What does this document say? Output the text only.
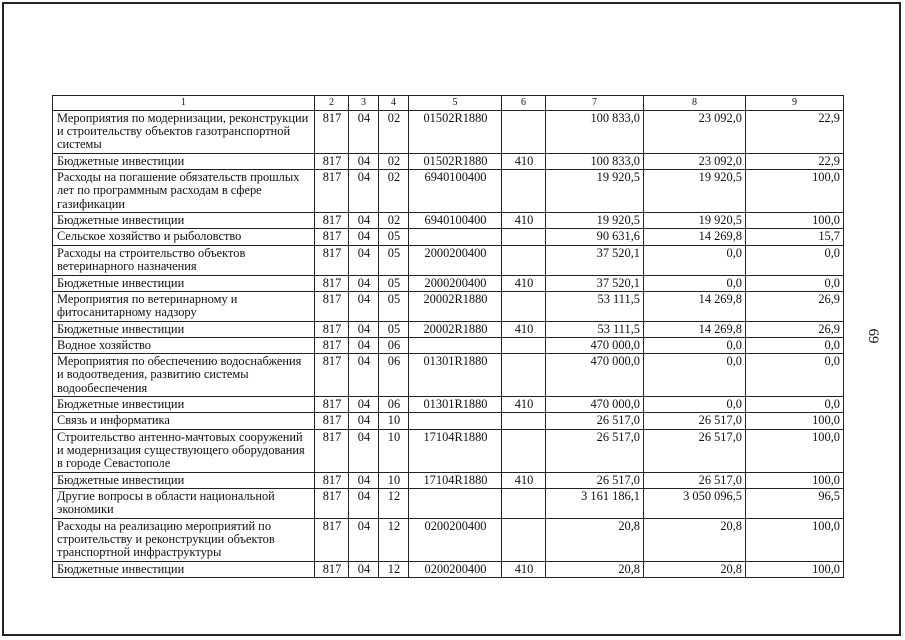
1	2	3	4	5	6	7	8	9
Мероприятия по модернизации, реконструкции и строительству объектов газотранспортной системы	817	04	02	01502R1880		100 833,0	23 092,0	22,9
Бюджетные инвестиции	817	04	02	01502R1880	410	100 833,0	23 092,0	22,9
Расходы на погашение обязательств прошлых лет по программным расходам в сфере газификации	817	04	02	6940100400		19 920,5	19 920,5	100,0
Бюджетные инвестиции	817	04	02	6940100400	410	19 920,5	19 920,5	100,0
Сельское хозяйство и рыболовство	817	04	05			90 631,6	14 269,8	15,7
Расходы на строительство объектов ветеринарного назначения	817	04	05	2000200400		37 520,1	0,0	0,0
Бюджетные инвестиции	817	04	05	2000200400	410	37 520,1	0,0	0,0
Мероприятия по ветеринарному и фитосанитарному надзору	817	04	05	20002R1880		53 111,5	14 269,8	26,9
Бюджетные инвестиции	817	04	05	20002R1880	410	53 111,5	14 269,8	26,9
Водное хозяйство	817	04	06			470 000,0	0,0	0,0
Мероприятия по обеспечению водоснабжения и водоотведения, развитию системы водообеспечения	817	04	06	01301R1880		470 000,0	0,0	0,0
Бюджетные инвестиции	817	04	06	01301R1880	410	470 000,0	0,0	0,0
Связь и информатика	817	04	10			26 517,0	26 517,0	100,0
Строительство антенно-мачтовых сооружений и модернизация существующего оборудования в городе Севастополе	817	04	10	17104R1880		26 517,0	26 517,0	100,0
Бюджетные инвестиции	817	04	10	17104R1880	410	26 517,0	26 517,0	100,0
Другие вопросы в области национальной экономики	817	04	12			3 161 186,1	3 050 096,5	96,5
Расходы на реализацию мероприятий по строительству и реконструкции объектов транспортной инфраструктуры	817	04	12	0200200400		20,8	20,8	100,0
Бюджетные инвестиции	817	04	12	0200200400	410	20,8	20,8	100,0
69
